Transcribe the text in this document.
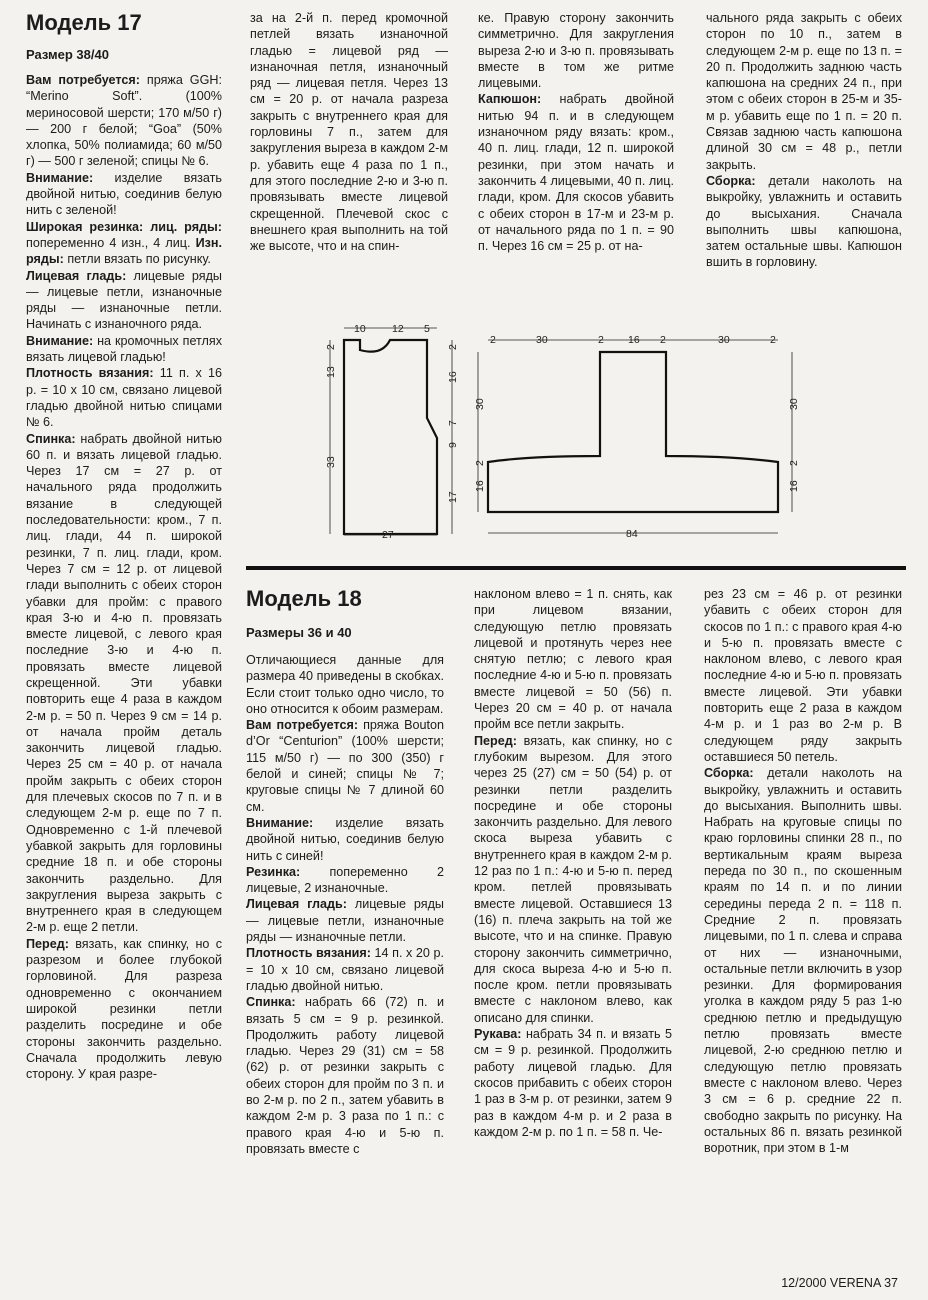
Модель 17
Размер 38/40

Вам потребуется: пряжа GGH: “Merino Soft”. (100% мериносовой шерсти; 170 м/50 г) — 200 г белой; “Goa” (50% хлопка, 50% полиамида; 60 м/50 г) — 500 г зеленой; спицы № 6.

Внимание: изделие вязать двойной нитью, соединив белую нить с зеленой!

Широкая резинка: лиц. ряды: попеременно 4 изн., 4 лиц. Изн. ряды: петли вязать по рисунку.

Лицевая гладь: лицевые ряды — лицевые петли, изнаночные ряды — изнаночные петли. Начинать с изнаночного ряда.

Внимание: на кромочных петлях вязать лицевой гладью!

Плотность вязания: 11 п. х 16 р. = 10 х 10 см, связано лицевой гладью двойной нитью спицами № 6.

Спинка: набрать двойной нитью 60 п. и вязать лицевой гладью. Через 17 см = 27 р. от начального ряда продолжить вязание в следующей последовательности: кром., 7 п. лиц. глади, 44 п. широкой резинки, 7 п. лиц. глади, кром. Через 7 см = 12 р. от лицевой глади выполнить с обеих сторон убавки для пройм: с правого края 3-ю и 4-ю п. провязать вместе лицевой, с левого края последние 3-ю и 4-ю п. провязать вместе лицевой скрещенной. Эти убавки повторить еще 4 раза в каждом 2-м р. = 50 п. Через 9 см = 14 р. от начала пройм деталь закончить лицевой гладью. Через 25 см = 40 р. от начала пройм закрыть с обеих сторон для плечевых скосов по 7 п. и в следующем 2-м р. еще по 7 п. Одновременно с 1-й плечевой убавкой закрыть для горловины средние 18 п. и обе стороны закончить раздельно. Для закругления выреза закрыть с внутреннего края в следующем 2-м р. еще 2 петли.

Перед: вязать, как спинку, но с разрезом и более глубокой горловиной. Для разреза одновременно с окончанием широкой резинки петли разделить посредине и обе стороны закончить раздельно. Сначала продолжить левую сторону. У края разре-

за на 2-й п. перед кромочной петлей вязать изнаночной гладью = лицевой ряд — изнаночная петля, изнаночный ряд — лицевая петля. Через 13 см = 20 р. от начала разреза закрыть с внутреннего края для горловины 7 п., затем для закругления выреза в каждом 2-м р. убавить еще 4 раза по 1 п., для этого последние 2-ю и 3-ю п. провязывать вместе лицевой скрещенной. Плечевой скос с внешнего края выполнить на той же высоте, что и на спин-

ке. Правую сторону закончить симметрично. Для закругления выреза 2-ю и 3-ю п. провязывать вместе в том же ритме лицевыми.

Капюшон: набрать двойной нитью 94 п. и в следующем изнаночном ряду вязать: кром., 40 п. лиц. глади, 12 п. широкой резинки, при этом начать и закончить 4 лицевыми, 40 п. лиц. глади, кром. Для скосов убавить с обеих сторон в 17-м и 23-м р. от начального ряда по 1 п. = 90 п. Через 16 см = 25 р. от на-

чального ряда закрыть с обеих сторон по 10 п., затем в следующем 2-м р. еще по 13 п. = 20 п. Продолжить заднюю часть капюшона на средних 24 п., при этом с обеих сторон в 25-м и 35-м р. убавить еще по 1 п. = 20 п. Связав заднюю часть капюшона длиной 30 см = 48 р., петли закрыть.

Сборка: детали наколоть на выкройку, увлажнить и оставить до высыхания. Сначала выполнить швы капюшона, затем остальные швы. Капюшон вшить в горловину.

10	12 5
2
13
33
2
16
7
9
17
27
2	30	2 16 2	30	2
30
2
16
30
2
16
84
Модель 18
Размеры 36 и 40

Отличающиеся данные для размера 40 приведены в скобках. Если стоит только одно число, то оно относится к обоим размерам.

Вам потребуется: пряжа Bouton d’Or “Centurion” (100% шерсти; 115 м/50 г) — по 300 (350) г белой и синей; спицы № 7; круговые спицы № 7 длиной 60 см.

Внимание: изделие вязать двойной нитью, соединив белую нить с синей!

Резинка: попеременно 2 лицевые, 2 изнаночные.

Лицевая гладь: лицевые ряды — лицевые петли, изнаночные ряды — изнаночные петли.

Плотность вязания: 14 п. х 20 р. = 10 х 10 см, связано лицевой гладью двойной нитью.

Спинка: набрать 66 (72) п. и вязать 5 см = 9 р. резинкой. Продолжить работу лицевой гладью. Через 29 (31) см = 58 (62) р. от резинки закрыть с обеих сторон для пройм по 3 п. и во 2-м р. по 2 п., затем убавить в каждом 2-м р. 3 раза по 1 п.: с правого края 4-ю и 5-ю п. провязать вместе с

наклоном влево = 1 п. снять, как при лицевом вязании, следующую петлю провязать лицевой и протянуть через нее снятую петлю; с левого края последние 4-ю и 5-ю п. провязать вместе лицевой = 50 (56) п. Через 20 см = 40 р. от начала пройм все петли закрыть.

Перед: вязать, как спинку, но с глубоким вырезом. Для этого через 25 (27) см = 50 (54) р. от резинки петли разделить посредине и обе стороны закончить раздельно. Для левого скоса выреза убавить с внутреннего края в каждом 2-м р. 12 раз по 1 п.: 4-ю и 5-ю п. перед кром. петлей провязывать вместе лицевой. Оставшиеся 13 (16) п. плеча закрыть на той же высоте, что и на спинке. Правую сторону закончить симметрично, для скоса выреза 4-ю и 5-ю п. после кром. петли провязывать вместе с наклоном влево, как описано для спинки.

Рукава: набрать 34 п. и вязать 5 см = 9 р. резинкой. Продолжить работу лицевой гладью. Для скосов прибавить с обеих сторон 1 раз в 3-м р. от резинки, затем 9 раз в каждом 4-м р. и 2 раза в каждом 2-м р. по 1 п. = 58 п. Че-

рез 23 см = 46 р. от резинки убавить с обеих сторон для скосов по 1 п.: с правого края 4-ю и 5-ю п. провязать вместе с наклоном влево, с левого края последние 4-ю и 5-ю п. провязать вместе лицевой. Эти убавки повторить еще 2 раза в каждом 4-м р. и 1 раз во 2-м р. В следующем ряду закрыть оставшиеся 50 петель.

Сборка: детали наколоть на выкройку, увлажнить и оставить до высыхания. Выполнить швы. Набрать на круговые спицы по краю горловины спинки 28 п., по вертикальным краям выреза переда по 30 п., по скошенным краям по 14 п. и по линии середины переда 2 п. = 118 п. Средние 2 п. провязать лицевыми, по 1 п. слева и справа от них — изнаночными, остальные петли включить в узор резинки. Для формирования уголка в каждом ряду 5 раз 1-ю среднюю петлю и предыдущую петлю провязать вместе лицевой, 2-ю среднюю петлю и следующую петлю провязать вместе с наклоном влево. Через 3 см = 6 р. средние 22 п. свободно закрыть по рисунку. На остальных 86 п. вязать резинкой воротник, при этом в 1-м

12/2000 VERENA 37
